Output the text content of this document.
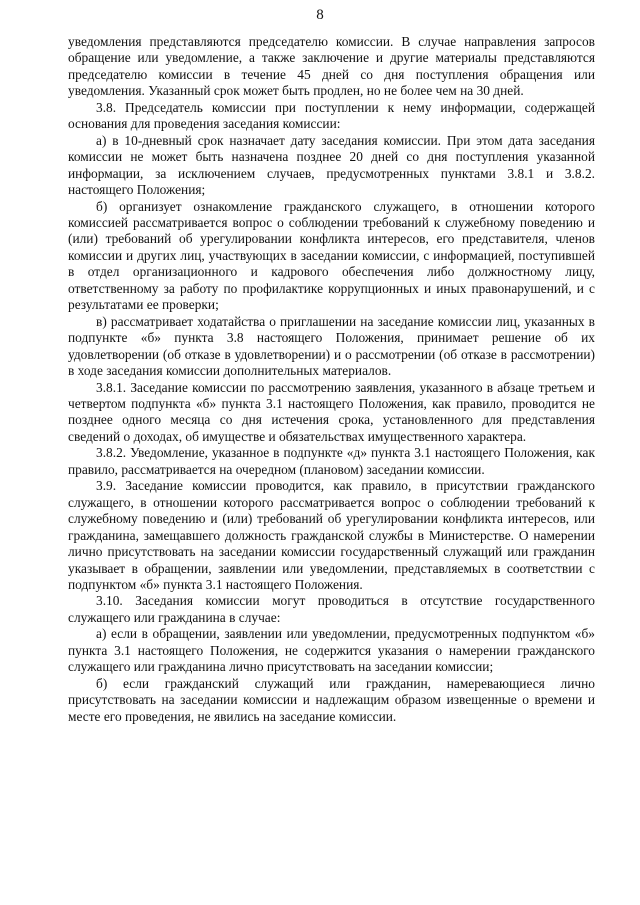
8

уведомления представляются председателю комиссии. В случае направления запросов обращение или уведомление, а также заключение и другие материалы представляются председателю комиссии в течение 45 дней со дня поступления обращения или уведомления. Указанный срок может быть продлен, но не более чем на 30 дней.

3.8. Председатель комиссии при поступлении к нему информации, содержащей основания для проведения заседания комиссии:

а) в 10-дневный срок назначает дату заседания комиссии. При этом дата заседания комиссии не может быть назначена позднее 20 дней со дня поступления указанной информации, за исключением случаев, предусмотренных пунктами 3.8.1 и 3.8.2. настоящего Положения;

б) организует ознакомление гражданского служащего, в отношении которого комиссией рассматривается вопрос о соблюдении требований к служебному поведению и (или) требований об урегулировании конфликта интересов, его представителя, членов комиссии и других лиц, участвующих в заседании комиссии, с информацией, поступившей в отдел организационного и кадрового обеспечения либо должностному лицу, ответственному за работу по профилактике коррупционных и иных правонарушений, и с результатами ее проверки;

в) рассматривает ходатайства о приглашении на заседание комиссии лиц, указанных в подпункте «б» пункта 3.8 настоящего Положения, принимает решение об их удовлетворении (об отказе в удовлетворении) и о рассмотрении (об отказе в рассмотрении) в ходе заседания комиссии дополнительных материалов.

3.8.1. Заседание комиссии по рассмотрению заявления, указанного в абзаце третьем и четвертом подпункта «б» пункта 3.1 настоящего Положения, как правило, проводится не позднее одного месяца со дня истечения срока, установленного для представления сведений о доходах, об имуществе и обязательствах имущественного характера.

3.8.2. Уведомление, указанное в подпункте «д» пункта 3.1 настоящего Положения, как правило, рассматривается на очередном (плановом) заседании комиссии.

3.9. Заседание комиссии проводится, как правило, в присутствии гражданского служащего, в отношении которого рассматривается вопрос о соблюдении требований к служебному поведению и (или) требований об урегулировании конфликта интересов, или гражданина, замещавшего должность гражданской службы в Министерстве. О намерении лично присутствовать на заседании комиссии государственный служащий или гражданин указывает в обращении, заявлении или уведомлении, представляемых в соответствии с подпунктом «б» пункта 3.1 настоящего Положения.

3.10. Заседания комиссии могут проводиться в отсутствие государственного служащего или гражданина в случае:

а) если в обращении, заявлении или уведомлении, предусмотренных подпунктом «б» пункта 3.1 настоящего Положения, не содержится указания о намерении гражданского служащего или гражданина лично присутствовать на заседании комиссии;

б) если гражданский служащий или гражданин, намеревающиеся лично присутствовать на заседании комиссии и надлежащим образом извещенные о времени и месте его проведения, не явились на заседание комиссии.
